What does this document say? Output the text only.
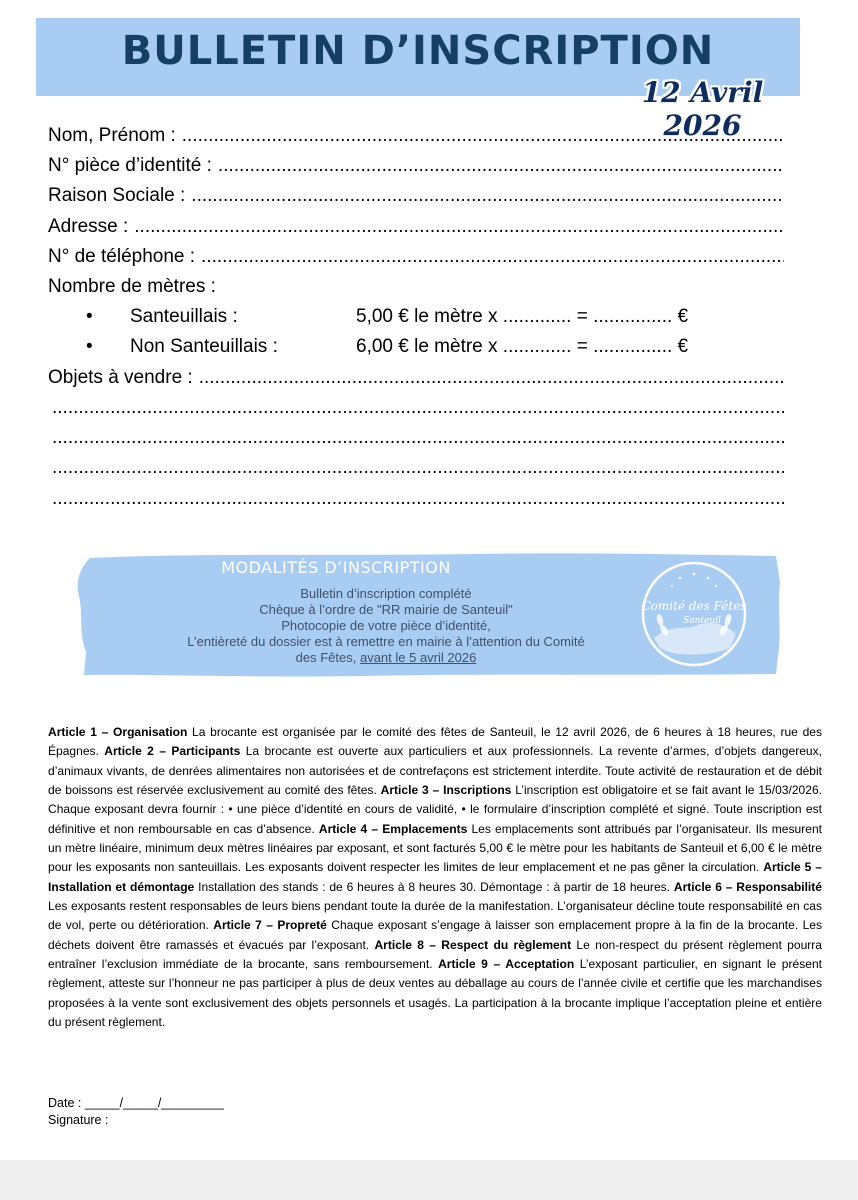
BULLETIN D’INSCRIPTION
12 Avril 2026
Nom, Prénom :
.....
N° pièce d’identité :
.....
Raison Sociale :
.....
Adresse :
.....
N° de téléphone :
.....
Nombre de mètres :
•	Santeuillais :	5,00 € le mètre x ............. = ............... €
•	Non Santeuillais :	6,00 € le mètre x ............. = ............... €
Objets à vendre :
.....
.....
.....
.....
.....
MODALITÉS D’INSCRIPTION
Bulletin d’inscription complété
Chèque à l’ordre de "RR mairie de Santeuil"
Photocopie de votre pièce d’identité,
L’entièreté du dossier est à remettre en mairie à l’attention du Comité
des Fêtes, avant le 5 avril 2026
Comité des Fêtes
Santeuil
Article 1 – Organisation La brocante est organisée par le comité des fêtes de Santeuil, le 12 avril 2026, de 6 heures à 18 heures, rue des Épagnes. Article 2 – Participants La brocante est ouverte aux particuliers et aux professionnels. La revente d’armes, d’objets dangereux, d’animaux vivants, de denrées alimentaires non autorisées et de contrefaçons est strictement interdite. Toute activité de restauration et de débit de boissons est réservée exclusivement au comité des fêtes. Article 3 – Inscriptions L’inscription est obligatoire et se fait avant le 15/03/2026. Chaque exposant devra fournir : • une pièce d’identité en cours de validité, • le formulaire d’inscription complété et signé. Toute inscription est définitive et non remboursable en cas d’absence. Article 4 – Emplacements Les emplacements sont attribués par l’organisateur. Ils mesurent un mètre linéaire, minimum deux mètres linéaires par exposant, et sont facturés 5,00 € le mètre pour les habitants de Santeuil et 6,00 € le mètre pour les exposants non santeuillais. Les exposants doivent respecter les limites de leur emplacement et ne pas gêner la circulation. Article 5 – Installation et démontage Installation des stands : de 6 heures à 8 heures 30. Démontage : à partir de 18 heures. Article 6 – Responsabilité Les exposants restent responsables de leurs biens pendant toute la durée de la manifestation. L’organisateur décline toute responsabilité en cas de vol, perte ou détérioration. Article 7 – Propreté Chaque exposant s’engage à laisser son emplacement propre à la fin de la brocante. Les déchets doivent être ramassés et évacués par l’exposant. Article 8 – Respect du règlement Le non-respect du présent règlement pourra entraîner l’exclusion immédiate de la brocante, sans remboursement. Article 9 – Acceptation L’exposant particulier, en signant le présent règlement, atteste sur l’honneur ne pas participer à plus de deux ventes au déballage au cours de l’année civile et certifie que les marchandises proposées à la vente sont exclusivement des objets personnels et usagés. La participation à la brocante implique l’acceptation pleine et entière du présent règlement.
Date : _____/_____/_________
Signature :
